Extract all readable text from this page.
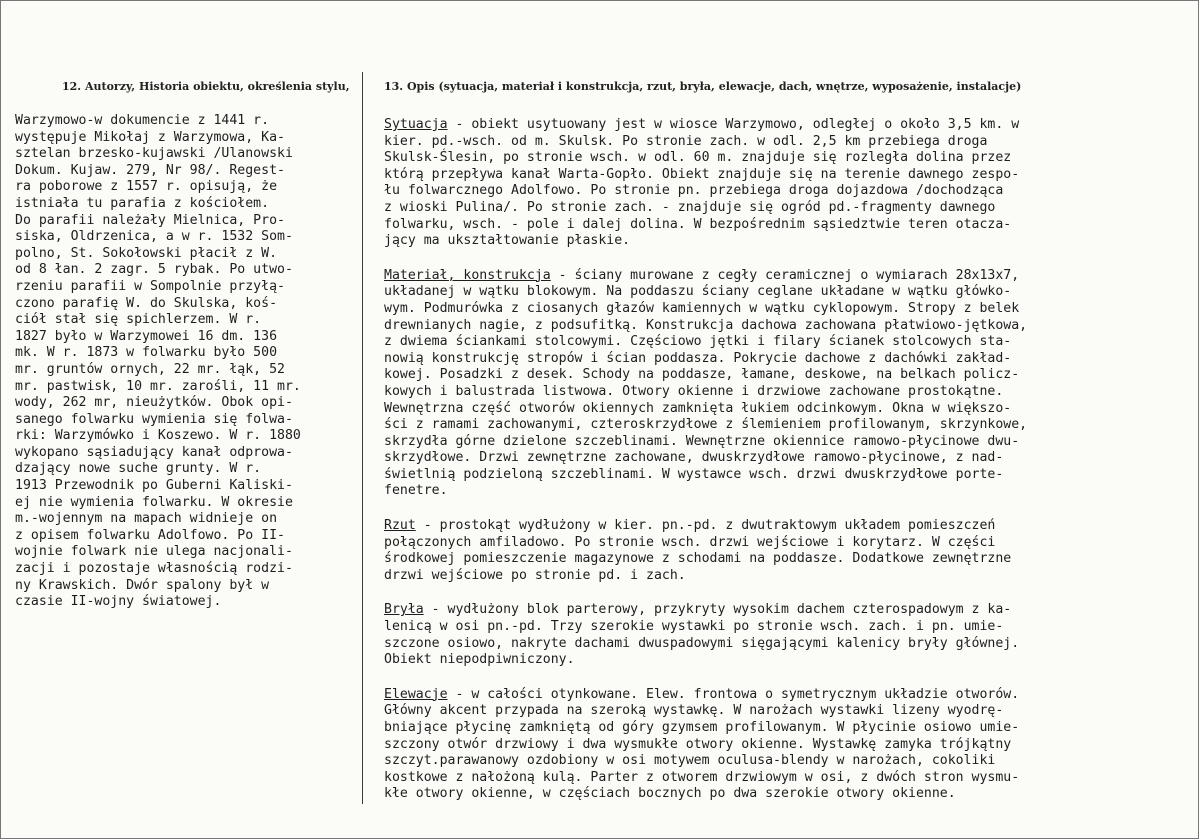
12. Autorzy, Historia obiektu, określenia stylu,	13. Opis (sytuacja, materiał i konstrukcja, rzut, bryła, elewacje, dach, wnętrze, wyposażenie, instalacje)
Warzymowo-w dokumencie z 1441 r.
występuje Mikołaj z Warzymowa, Ka-
sztelan brzesko-kujawski /Ulanowski
Dokum. Kujaw. 279, Nr 98/. Regest-
ra poborowe z 1557 r. opisują, że
istniała tu parafia z kościołem.
Do parafii należały Mielnica, Pro-
siska, Oldrzenica, a w r. 1532 Som-
polno, St. Sokołowski płacił z W.
od 8 łan. 2 zagr. 5 rybak. Po utwo-
rzeniu parafii w Sompolnie przyłą-
czono parafię W. do Skulska, koś-
ciół stał się spichlerzem. W r.
1827 było w Warzymowei 16 dm. 136
mk. W r. 1873 w folwarku było 500
mr. gruntów ornych, 22 mr. łąk, 52
mr. pastwisk, 10 mr. zarośli, 11 mr.
wody, 262 mr, nieużytków. Obok opi-
sanego folwarku wymienia się folwa-
rki: Warzymówko i Koszewo. W r. 1880
wykopano sąsiadujący kanał odprowa-
dzający nowe suche grunty. W r.
1913 Przewodnik po Guberni Kaliski-
ej nie wymienia folwarku. W okresie
m.-wojennym na mapach widnieje on
z opisem folwarku Adolfowo. Po II-
wojnie folwark nie ulega nacjonali-
zacji i pozostaje własnością rodzi-
ny Krawskich. Dwór spalony był w
czasie II-wojny światowej.
Sytuacja - obiekt usytuowany jest w wiosce Warzymowo, odległej o około 3,5 km. w
kier. pd.-wsch. od m. Skulsk. Po stronie zach. w odl. 2,5 km przebiega droga
Skulsk-Ślesin, po stronie wsch. w odl. 60 m. znajduje się rozległa dolina przez
którą przepływa kanał Warta-Gopło. Obiekt znajduje się na terenie dawnego zespo-
łu folwarcznego Adolfowo. Po stronie pn. przebiega droga dojazdowa /dochodząca
z wioski Pulina/. Po stronie zach. - znajduje się ogród pd.-fragmenty dawnego
folwarku, wsch. - pole i dalej dolina. W bezpośrednim sąsiedztwie teren otacza-
jący ma ukształtowanie płaskie.
Materiał, konstrukcja - ściany murowane z cegły ceramicznej o wymiarach 28x13x7,
układanej w wątku blokowym. Na poddaszu ściany ceglane układane w wątku główko-
wym. Podmurówka z ciosanych głazów kamiennych w wątku cyklopowym. Stropy z belek
drewnianych nagie, z podsufitką. Konstrukcja dachowa zachowana płatwiowo-jętkowa,
z dwiema ściankami stolcowymi. Częściowo jętki i filary ścianek stolcowych sta-
nowią konstrukcję stropów i ścian poddasza. Pokrycie dachowe z dachówki zakład-
kowej. Posadzki z desek. Schody na poddasze, łamane, deskowe, na belkach policz-
kowych i balustrada listwowa. Otwory okienne i drzwiowe zachowane prostokątne.
Wewnętrzna część otworów okiennych zamknięta łukiem odcinkowym. Okna w większo-
ści z ramami zachowanymi, czteroskrzydłowe z ślemieniem profilowanym, skrzynkowe,
skrzydła górne dzielone szczeblinami. Wewnętrzne okiennice ramowo-płycinowe dwu-
skrzydłowe. Drzwi zewnętrzne zachowane, dwuskrzydłowe ramowo-płycinowe, z nad-
świetlnią podzieloną szczeblinami. W wystawce wsch. drzwi dwuskrzydłowe porte-
fenetre.
Rzut - prostokąt wydłużony w kier. pn.-pd. z dwutraktowym układem pomieszczeń
połączonych amfiladowo. Po stronie wsch. drzwi wejściowe i korytarz. W części
środkowej pomieszczenie magazynowe z schodami na poddasze. Dodatkowe zewnętrzne
drzwi wejściowe po stronie pd. i zach.
Bryła - wydłużony blok parterowy, przykryty wysokim dachem czterospadowym z ka-
lenicą w osi pn.-pd. Trzy szerokie wystawki po stronie wsch. zach. i pn. umie-
szczone osiowo, nakryte dachami dwuspadowymi sięgającymi kalenicy bryły głównej.
Obiekt niepodpiwniczony.
Elewacje - w całości otynkowane. Elew. frontowa o symetrycznym układzie otworów.
Główny akcent przypada na szeroką wystawkę. W narożach wystawki lizeny wyodrę-
bniające płycinę zamkniętą od góry gzymsem profilowanym. W płycinie osiowo umie-
szczony otwór drzwiowy i dwa wysmukłe otwory okienne. Wystawkę zamyka trójkątny
szczyt.parawanowy ozdobiony w osi motywem oculusa-blendy w narożach, cokoliki
kostkowe z nałożoną kulą. Parter z otworem drzwiowym w osi, z dwóch stron wysmu-
kłe otwory okienne, w częściach bocznych po dwa szerokie otwory okienne.
